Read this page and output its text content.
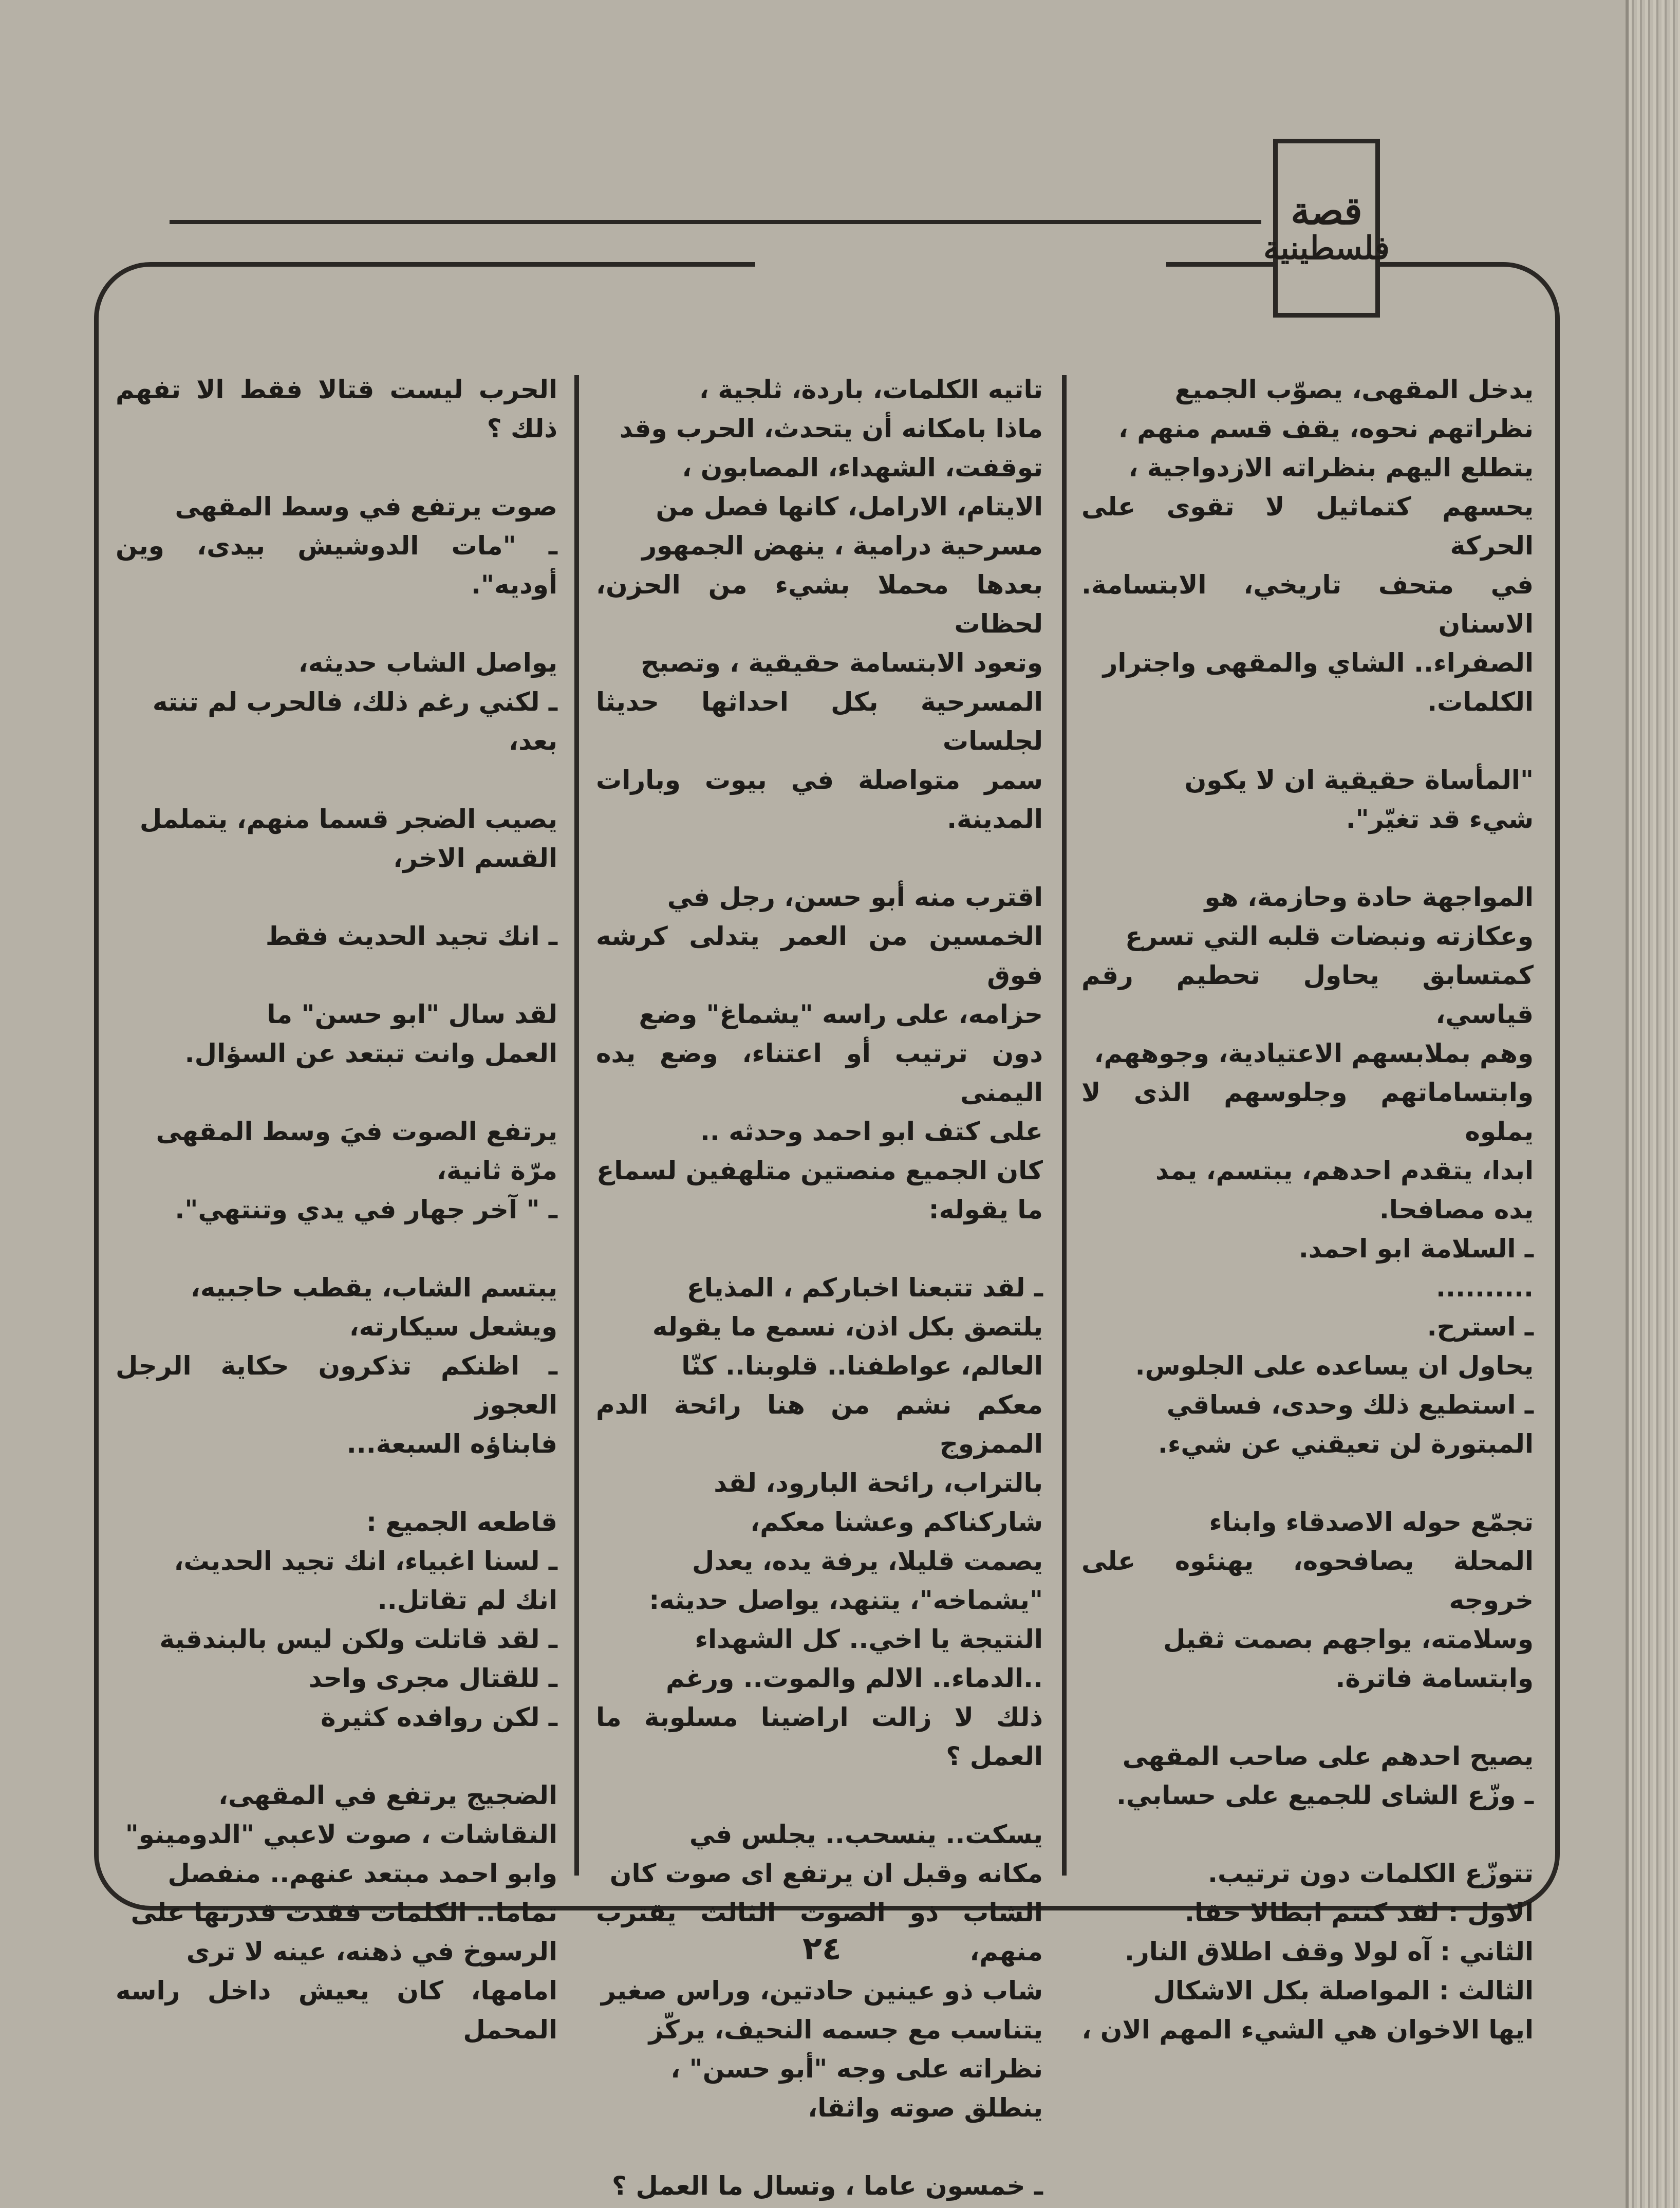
قصة
فلسطينية

يدخل المقهى، يصوّب الجميع

نظراتهم نحوه، يقف قسم منهم ،

يتطلع اليهم بنظراته الازدواجية ،

يحسهم كتماثيل لا تقوى على الحركة

في متحف تاريخي، الابتسامة. الاسنان

الصفراء.. الشاي والمقهى واجترار

الكلمات.

"المأساة حقيقية ان لا يكون

شيء قد تغيّر".

المواجهة حادة وحازمة، هو

وعكازته ونبضات قلبه التي تسرع

كمتسابق يحاول تحطيم رقم قياسي،

وهم بملابسهم الاعتيادية، وجوههم،

وابتساماتهم وجلوسهم الذى لا يملوه

ابدا، يتقدم احدهم، يبتسم، يمد

يده مصافحا.

ـ السلامة ابو احمد.

..........

ـ استرح.

يحاول ان يساعده على الجلوس.

ـ استطيع ذلك وحدى، فساقي

المبتورة لن تعيقني عن شيء.

تجمّع حوله الاصدقاء وابناء

المحلة يصافحوه، يهنئوه على خروجه

وسلامته، يواجهم بصمت ثقيل

وابتسامة فاترة.

يصيح احدهم على صاحب المقهى

ـ وزّع الشاى للجميع على حسابي.

تتوزّع الكلمات دون ترتيب.

الاول : لقد كنتم ابطالا حقا.

الثاني : آه لولا وقف اطلاق النار.

الثالث : المواصلة بكل الاشكال

ايها الاخوان هي الشيء المهم الان ،

تاتيه الكلمات، باردة، ثلجية ،

ماذا بامكانه أن يتحدث، الحرب وقد

توقفت، الشهداء، المصابون ،

الايتام، الارامل، كانها فصل من

مسرحية درامية ، ينهض الجمهور

بعدها محملا بشيء من الحزن، لحظات

وتعود الابتسامة حقيقية ، وتصبح

المسرحية بكل احداثها حديثا لجلسات

سمر متواصلة في بيوت وبارات المدينة.

اقترب منه أبو حسن، رجل في

الخمسين من العمر يتدلى كرشه فوق

حزامه، على راسه "يشماغ" وضع

دون ترتيب أو اعتناء، وضع يده اليمنى

على كتف ابو احمد وحدثه ..

كان الجميع منصتين متلهفين لسماع

ما يقوله:

ـ لقد تتبعنا اخباركم ، المذياع

يلتصق بكل اذن، نسمع ما يقوله

العالم، عواطفنا.. قلوبنا.. كنّا

معكم نشم من هنا رائحة الدم الممزوج

بالتراب، رائحة البارود، لقد

شاركناكم وعشنا معكم،

يصمت قليلا، يرفة يده، يعدل

"يشماخه"، يتنهد، يواصل حديثه:

النتيجة يا اخي.. كل الشهداء

..الدماء.. الالم والموت.. ورغم

ذلك لا زالت اراضينا مسلوبة ما العمل ؟

يسكت.. ينسحب.. يجلس في

مكانه وقبل ان يرتفع اى صوت كان

الشاب ذو الصوت الثالث يقترب منهم،

شاب ذو عينين حادتين، وراس صغير

يتناسب مع جسمه النحيف، يركّز

نظراته على وجه "أبو حسن" ،

ينطلق صوته واثقا،

ـ خمسون عاما ، وتسال ما العمل ؟

الحرب ليست قتالا فقط الا تفهم ذلك ؟

صوت يرتفع في وسط المقهى

ـ "مات الدوشيش بيدى، وين أوديه".

يواصل الشاب حديثه،

ـ لكني رغم ذلك، فالحرب لم تنته

بعد،

يصيب الضجر قسما منهم، يتململ

القسم الاخر،

ـ انك تجيد الحديث فقط

لقد سال "ابو حسن" ما

العمل وانت تبتعد عن السؤال.

يرتفع الصوت فيَ وسط المقهى

مرّة ثانية،

ـ " آخر جهار في يدي وتنتهي".

يبتسم الشاب، يقطب حاجبيه،

ويشعل سيكارته،

ـ اظنكم تذكرون حكاية الرجل العجوز

فابناؤه السبعة...

قاطعه الجميع :

ـ لسنا اغبياء، انك تجيد الحديث،

انك لم تقاتل..

ـ لقد قاتلت ولكن ليس بالبندقية

ـ للقتال مجرى واحد

ـ لكن روافده كثيرة

الضجيج يرتفع في المقهى،

النقاشات ، صوت لاعبي "الدومينو"

وابو احمد مبتعد عنهم.. منفصل

تماما.. الكلمات فقدت قدرتها على

الرسوخ في ذهنه، عينه لا ترى

امامها، كان يعيش داخل راسه المحمل

٢٤
